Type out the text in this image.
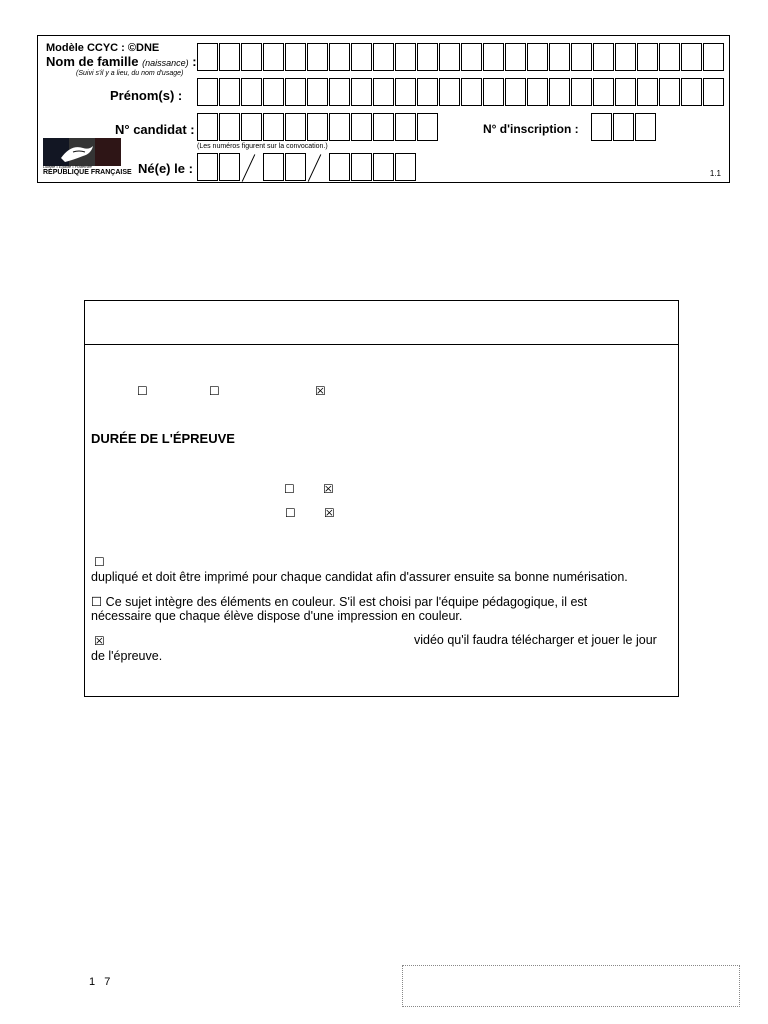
Modèle CCYC : ©DNE
Nom de famille (naissance) :
(Suivi s'il y a lieu, du nom d'usage)
Prénom(s) :
N° candidat :
(Les numéros figurent sur la convocation.)
N° d'inscription :
Liberté • Égalité • Fraternité
RÉPUBLIQUE FRANÇAISE Né(e) le :	1.1
☐	☐	☒
DURÉE DE L'ÉPREUVE
☐ ☒
☐ ☒
☐
dupliqué et doit être imprimé pour chaque candidat afin d'assurer ensuite sa bonne numérisation.
☐ Ce sujet intègre des éléments en couleur. S'il est choisi par l'équipe pédagogique, il est
nécessaire que chaque élève dispose d'une impression en couleur.
☒	vidéo qu'il faudra télécharger et jouer le jour
de l'épreuve.
1   7
